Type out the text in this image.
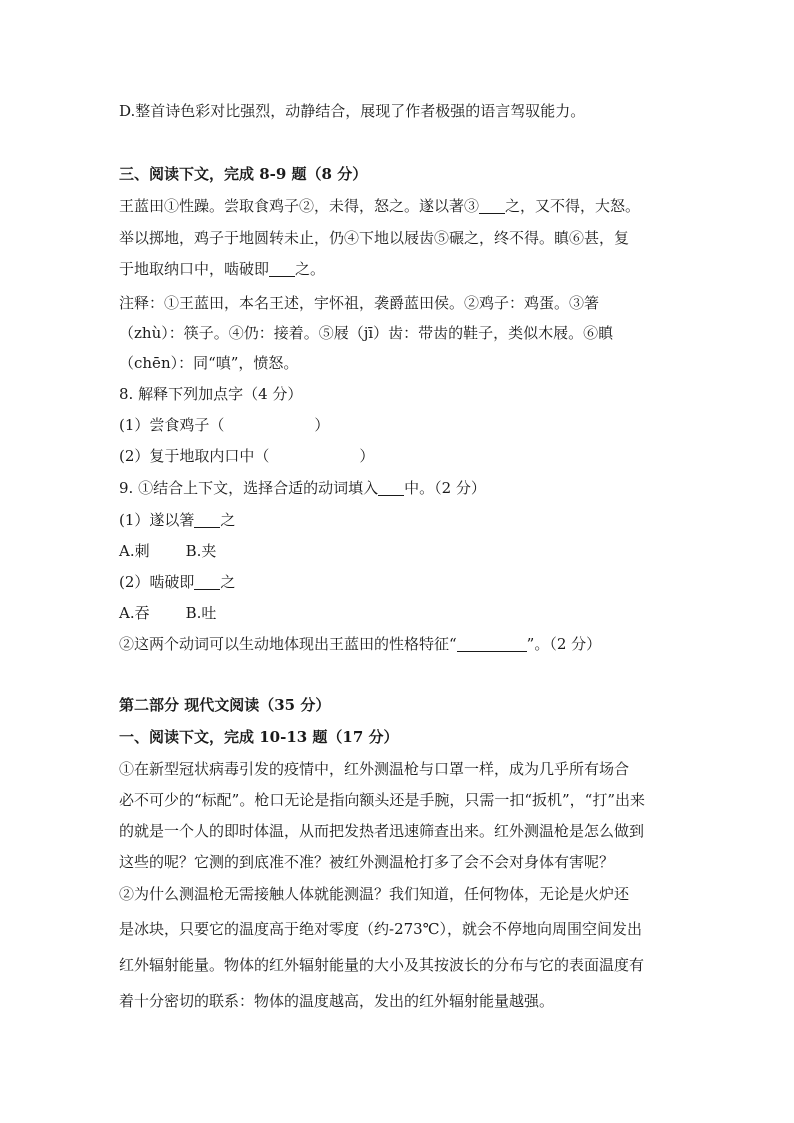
D.整首诗色彩对比强烈，动静结合，展现了作者极强的语言驾驭能力。
三、阅读下文，完成 8-9 题（8 分）
王蓝田①性躁。尝取食鸡子②，未得，怒之。遂以著③ 之，又不得，大怒。
举以掷地，鸡子于地圆转未止，仍④下地以屐齿⑤碾之，终不得。瞋⑥甚，复
于地取纳口中，啮破即 之。
注释：①王蓝田，本名王述，宇怀祖，袭爵蓝田侯。②鸡子：鸡蛋。③箸
（zhù）：筷子。④仍：接着。⑤屐（jī）齿：带齿的鞋子，类似木屐。⑥瞋
（chēn）：同“嗔”，愤怒。
8. 解释下列加点字（4 分）
(1）尝食鸡子（	）
(2）复于地取内口中（	）
9. ①结合上下文，选择合适的动词填入 中。（2 分）
(1）遂以箸 之
A.刺 B.夹
(2）啮破即 之
A.吞 B.吐
②这两个动词可以生动地体现出王蓝田的性格特征“	”。（2 分）
第二部分 现代文阅读（35 分）
一、阅读下文，完成 10-13 题（17 分）
①在新型冠状病毒引发的疫情中，红外测温枪与口罩一样，成为几乎所有场合
必不可少的“标配”。枪口无论是指向额头还是手腕，只需一扣“扳机”，“打”出来
的就是一个人的即时体温，从而把发热者迅速筛查出来。红外测温枪是怎么做到
这些的呢？它测的到底准不准？被红外测温枪打多了会不会对身体有害呢？
②为什么测温枪无需接触人体就能测温？我们知道，任何物体，无论是火炉还
是冰块，只要它的温度高于绝对零度（约-273℃），就会不停地向周围空间发出
红外辐射能量。物体的红外辐射能量的大小及其按波长的分布与它的表面温度有
着十分密切的联系：物体的温度越高，发出的红外辐射能量越强。
